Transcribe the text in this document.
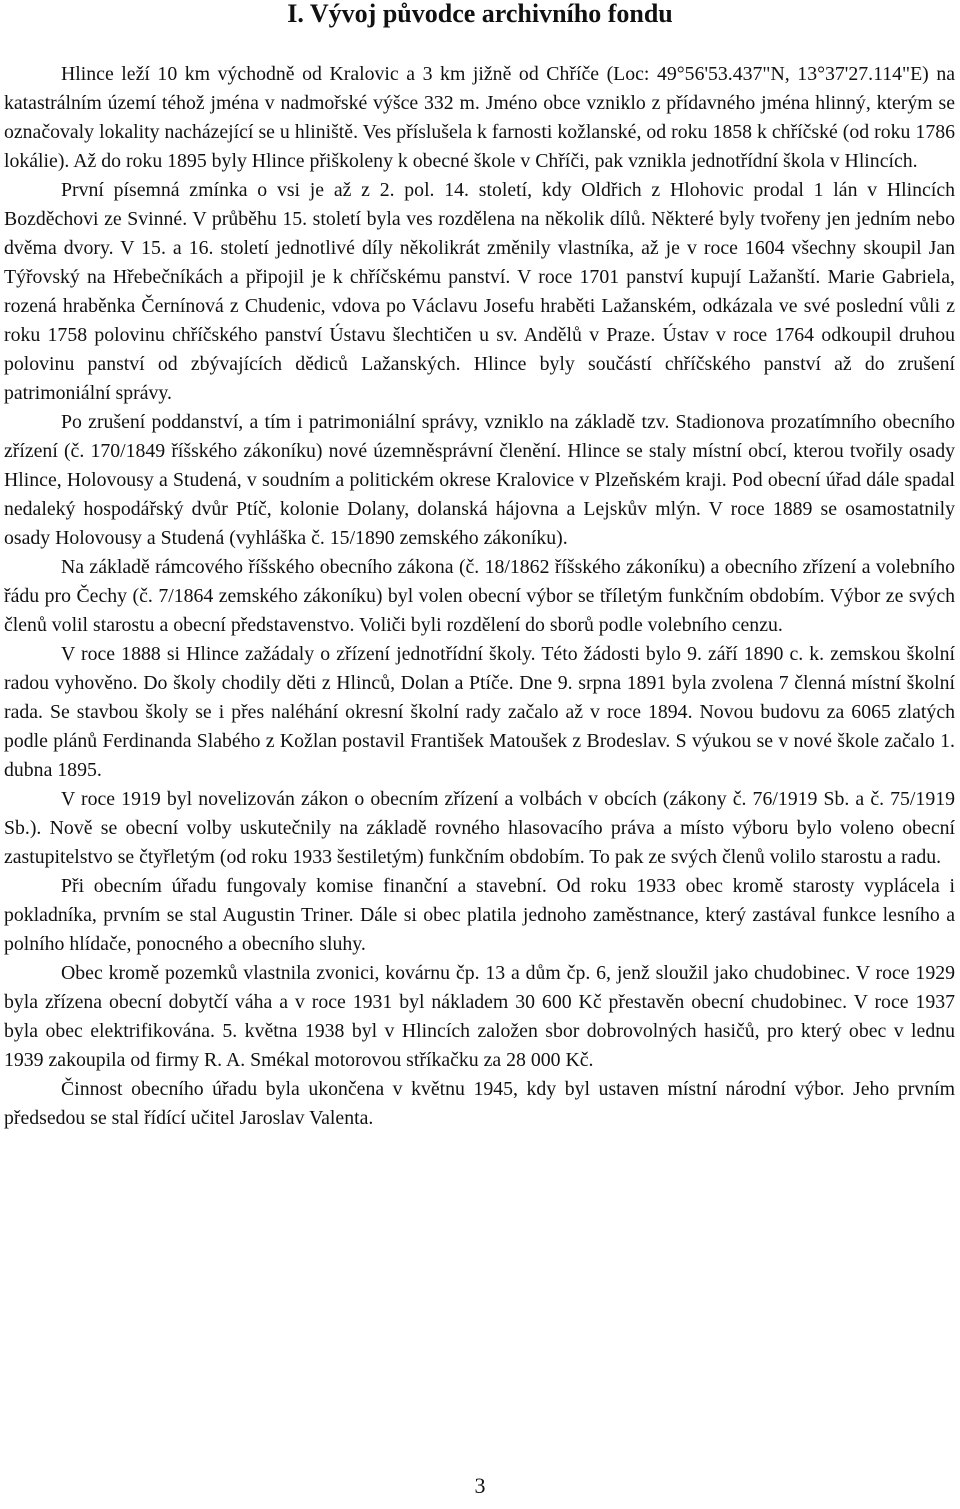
I. Vývoj původce archivního fondu

Hlince leží 10 km východně od Kralovic a 3 km jižně od Chříče (Loc: 49°56'53.437"N, 13°37'27.114"E) na katastrálním území téhož jména v nadmořské výšce 332 m. Jméno obce vzniklo z přídavného jména hlinný, kterým se označovaly lokality nacházející se u hliniště. Ves příslušela k farnosti kožlanské, od roku 1858 k chříčské (od roku 1786 lokálie). Až do roku 1895 byly Hlince přiškoleny k obecné škole v Chříči, pak vznikla jednotřídní škola v Hlincích.

První písemná zmínka o vsi je až z 2. pol. 14. století, kdy Oldřich z Hlohovic prodal 1 lán v Hlincích Bozděchovi ze Svinné. V průběhu 15. století byla ves rozdělena na několik dílů. Některé byly tvořeny jen jedním nebo dvěma dvory. V 15. a 16. století jednotlivé díly několikrát změnily vlastníka, až je v roce 1604 všechny skoupil Jan Týřovský na Hřebečníkách a připojil je k chříčskému panství. V roce 1701 panství kupují Lažanští. Marie Gabriela, rozená hraběnka Černínová z Chudenic, vdova po Václavu Josefu hraběti Lažanském, odkázala ve své poslední vůli z roku 1758 polovinu chříčského panství Ústavu šlechtičen u sv. Andělů v Praze. Ústav v roce 1764 odkoupil druhou polovinu panství od zbývajících dědiců Lažanských. Hlince byly součástí chříčského panství až do zrušení patrimoniální správy.

Po zrušení poddanství, a tím i patrimoniální správy, vzniklo na základě tzv. Stadionova prozatímního obecního zřízení (č. 170/1849 říšského zákoníku) nové územněsprávní členění. Hlince se staly místní obcí, kterou tvořily osady Hlince, Holovousy a Studená, v soudním a politickém okrese Kralovice v Plzeňském kraji. Pod obecní úřad dále spadal nedaleký hospodářský dvůr Ptíč, kolonie Dolany, dolanská hájovna a Lejskův mlýn. V roce 1889 se osamostatnily osady Holovousy a Studená (vyhláška č. 15/1890 zemského zákoníku).

Na základě rámcového říšského obecního zákona (č. 18/1862 říšského zákoníku) a obecního zřízení a volebního řádu pro Čechy (č. 7/1864 zemského zákoníku) byl volen obecní výbor se tříletým funkčním obdobím. Výbor ze svých členů volil starostu a obecní představenstvo. Voliči byli rozdělení do sborů podle volebního cenzu.

V roce 1888 si Hlince zažádaly o zřízení jednotřídní školy. Této žádosti bylo 9. září 1890 c. k. zemskou školní radou vyhověno. Do školy chodily děti z Hlinců, Dolan a Ptíče. Dne 9. srpna 1891 byla zvolena 7 členná místní školní rada. Se stavbou školy se i přes naléhání okresní školní rady začalo až v roce 1894. Novou budovu za 6065 zlatých podle plánů Ferdinanda Slabého z Kožlan postavil František Matoušek z Brodeslav. S výukou se v nové škole začalo 1. dubna 1895.

V roce 1919 byl novelizován zákon o obecním zřízení a volbách v obcích (zákony č. 76/1919 Sb. a č. 75/1919 Sb.). Nově se obecní volby uskutečnily na základě rovného hlasovacího práva a místo výboru bylo voleno obecní zastupitelstvo se čtyřletým (od roku 1933 šestiletým) funkčním obdobím. To pak ze svých členů volilo starostu a radu.

Při obecním úřadu fungovaly komise finanční a stavební. Od roku 1933 obec kromě starosty vyplácela i pokladníka, prvním se stal Augustin Triner. Dále si obec platila jednoho zaměstnance, který zastával funkce lesního a polního hlídače, ponocného a obecního sluhy.

Obec kromě pozemků vlastnila zvonici, kovárnu čp. 13 a dům čp. 6, jenž sloužil jako chudobinec. V roce 1929 byla zřízena obecní dobytčí váha a v roce 1931 byl nákladem 30 600 Kč přestavěn obecní chudobinec. V roce 1937 byla obec elektrifikována. 5. května 1938 byl v Hlincích založen sbor dobrovolných hasičů, pro který obec v lednu 1939 zakoupila od firmy R. A. Smékal motorovou stříkačku za 28 000 Kč.

Činnost obecního úřadu byla ukončena v květnu 1945, kdy byl ustaven místní národní výbor. Jeho prvním předsedou se stal řídící učitel Jaroslav Valenta.

3
